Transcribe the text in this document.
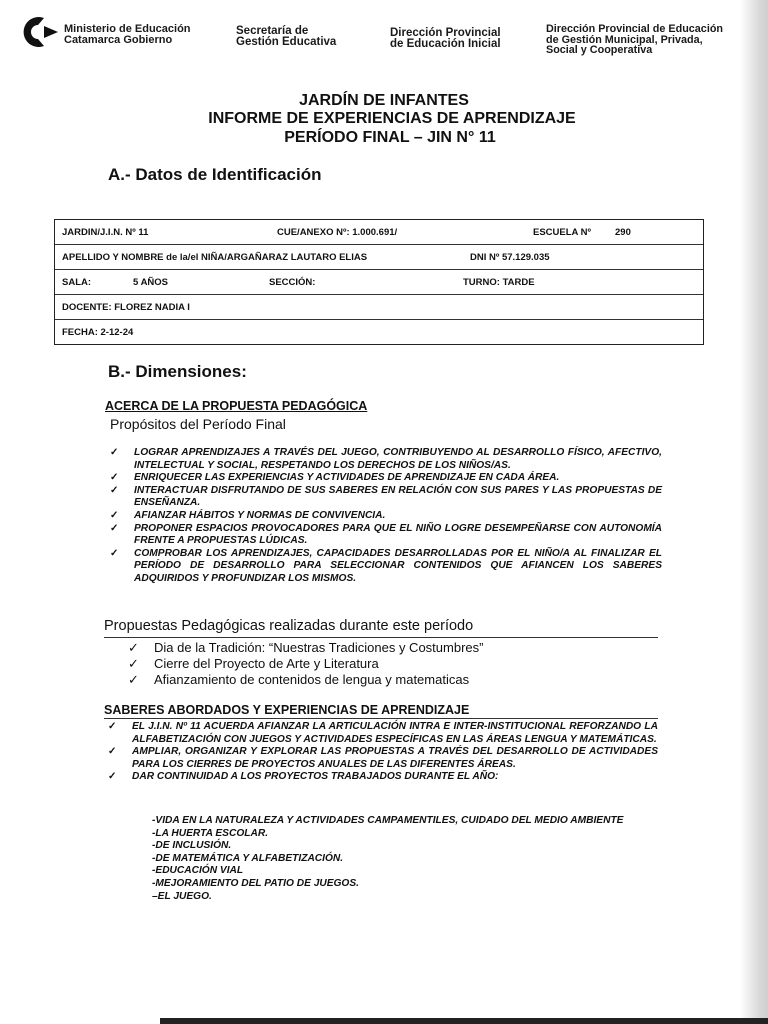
Ministerio de Educación
Catamarca Gobierno
Secretaría de
Gestión Educativa
Dirección Provincial
de Educación Inicial
Dirección Provincial de Educación
de Gestión Municipal, Privada,
Social y Cooperativa
JARDÍN DE INFANTES
INFORME DE EXPERIENCIAS DE APRENDIZAJE
PERÍODO FINAL – JIN N° 11
A.- Datos de Identificación
JARDIN/J.I.N. Nº 11	CUE/ANEXO Nº: 1.000.691/	ESCUELA Nº	290
APELLIDO Y NOMBRE de la/el NIÑA/ARGAÑARAZ LAUTARO ELIAS	DNI Nº 57.129.035
SALA:	5 AÑOS	SECCIÓN:	TURNO: TARDE
DOCENTE: FLOREZ NADIA I
FECHA: 2-12-24
B.- Dimensiones:
ACERCA DE LA PROPUESTA PEDAGÓGICA
Propósitos del Período Final
✓ LOGRAR APRENDIZAJES A TRAVÉS DEL JUEGO, CONTRIBUYENDO AL DESARROLLO FÍSICO, AFECTIVO, INTELECTUAL Y SOCIAL, RESPETANDO LOS DERECHOS DE LOS NIÑOS/AS.
✓ ENRIQUECER LAS EXPERIENCIAS Y ACTIVIDADES DE APRENDIZAJE EN CADA ÁREA.
✓ INTERACTUAR DISFRUTANDO DE SUS SABERES EN RELACIÓN CON SUS PARES Y LAS PROPUESTAS DE ENSEÑANZA.
✓ AFIANZAR HÁBITOS Y NORMAS DE CONVIVENCIA.
✓ PROPONER ESPACIOS PROVOCADORES PARA QUE EL NIÑO LOGRE DESEMPEÑARSE CON AUTONOMÍA FRENTE A PROPUESTAS LÚDICAS.
✓ COMPROBAR LOS APRENDIZAJES, CAPACIDADES DESARROLLADAS POR EL NIÑO/A AL FINALIZAR EL PERÍODO DE DESARROLLO PARA SELECCIONAR CONTENIDOS QUE AFIANCEN LOS SABERES ADQUIRIDOS Y PROFUNDIZAR LOS MISMOS.
Propuestas Pedagógicas realizadas durante este período
✓ Dia de la Tradición: “Nuestras Tradiciones y Costumbres”
✓ Cierre del Proyecto de Arte y Literatura
✓ Afianzamiento de contenidos de lengua y matematicas
SABERES ABORDADOS Y EXPERIENCIAS DE APRENDIZAJE
✓ EL J.I.N. Nº 11 ACUERDA AFIANZAR LA ARTICULACIÓN INTRA E INTER-INSTITUCIONAL REFORZANDO LA ALFABETIZACIÓN CON JUEGOS Y ACTIVIDADES ESPECÍFICAS EN LAS ÁREAS LENGUA Y MATEMÁTICAS.
✓ AMPLIAR, ORGANIZAR Y EXPLORAR LAS PROPUESTAS A TRAVÉS DEL DESARROLLO DE ACTIVIDADES PARA LOS CIERRES DE PROYECTOS ANUALES DE LAS DIFERENTES ÁREAS.
✓ DAR CONTINUIDAD A LOS PROYECTOS TRABAJADOS DURANTE EL AÑO:
-VIDA EN LA NATURALEZA Y ACTIVIDADES CAMPAMENTILES, CUIDADO DEL MEDIO AMBIENTE
-LA HUERTA ESCOLAR.
-DE INCLUSIÓN.
-DE MATEMÁTICA Y ALFABETIZACIÓN.
-EDUCACIÓN VIAL
-MEJORAMIENTO DEL PATIO DE JUEGOS.
–EL JUEGO.
